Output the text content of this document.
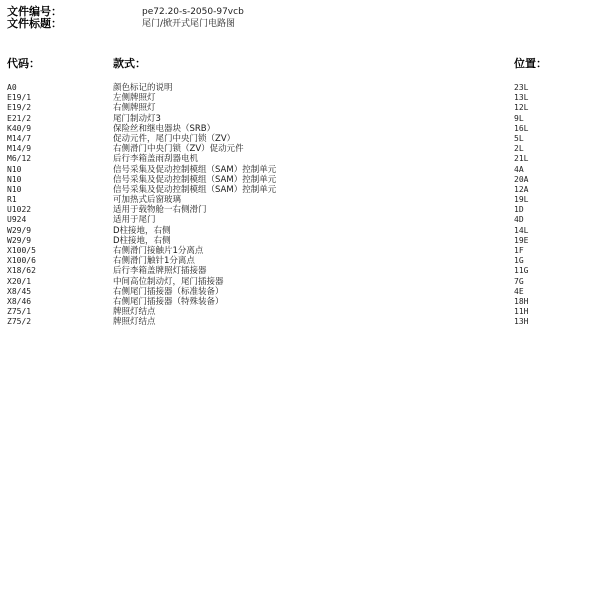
文件编号：	pe72.20-s-2050-97vcb
文件标题：	尾门/掀开式尾门电路图
代码：	款式：	位置：
A0	颜色标记的说明	23L
E19/1	左侧牌照灯	13L
E19/2	右侧牌照灯	12L
E21/2	尾门制动灯3	9L
K40/9	保险丝和继电器块（SRB）	16L
M14/7	促动元件，尾门中央门锁（ZV）	5L
M14/9	右侧滑门中央门锁（ZV）促动元件	2L
M6/12	后行李箱盖雨刮器电机	21L
N10	信号采集及促动控制模组（SAM）控制单元	4A
N10	信号采集及促动控制模组（SAM）控制单元	20A
N10	信号采集及促动控制模组（SAM）控制单元	12A
R1	可加热式后窗玻璃	19L
U1022	适用于载物舱一右侧滑门	1D
U924	适用于尾门	4D
W29/9	D柱接地，右侧	14L
W29/9	D柱接地，右侧	19E
X100/5	右侧滑门接触片1分离点	1F
X100/6	右侧滑门触针1分离点	1G
X18/62	后行李箱盖牌照灯插接器	11G
X20/1	中间高位制动灯，尾门插接器	7G
X8/45	右侧尾门插接器（标准装备）	4E
X8/46	右侧尾门插接器（特殊装备）	18H
Z75/1	牌照灯结点	11H
Z75/2	牌照灯结点	13H
